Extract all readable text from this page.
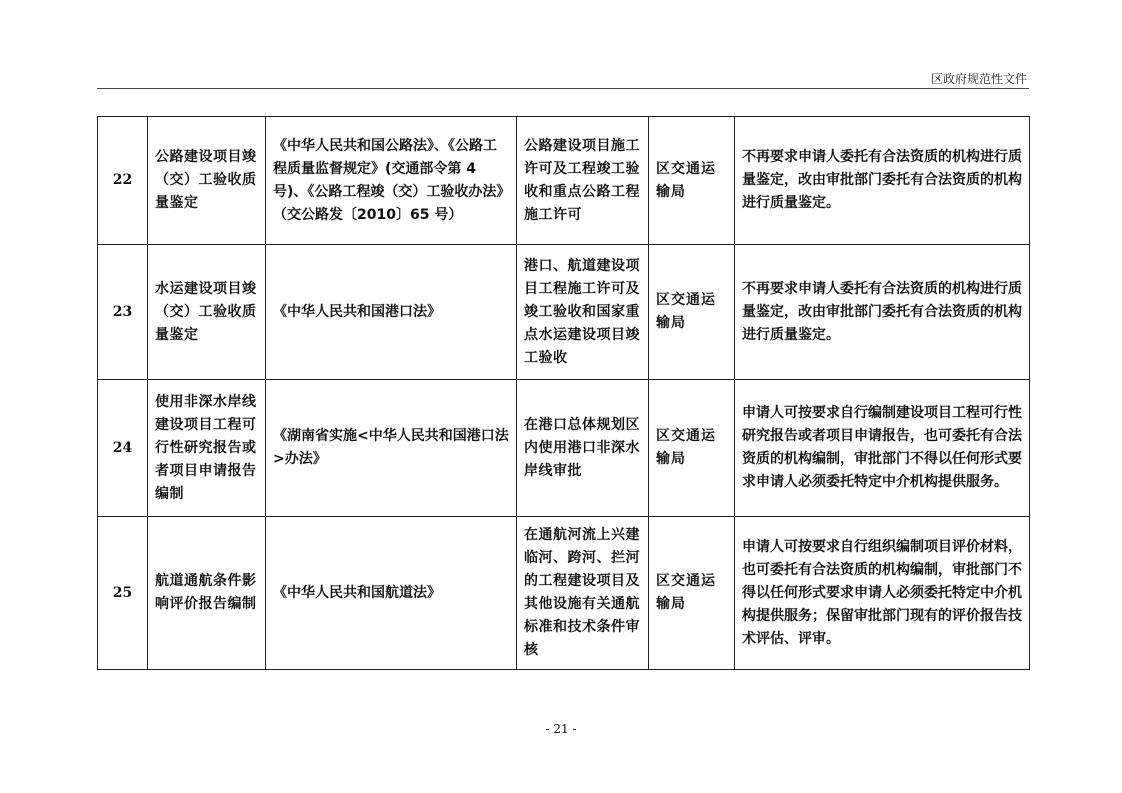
区政府规范性文件
22	公路建设项目竣（交）工验收质量鉴定	《中华人民共和国公路法》、《公路工程质量监督规定》(交通部令第 4 号)、《公路工程竣（交）工验收办法》（交公路发〔2010〕65 号）	公路建设项目施工许可及工程竣工验收和重点公路工程施工许可	区交通运输局	不再要求申请人委托有合法资质的机构进行质量鉴定，改由审批部门委托有合法资质的机构进行质量鉴定。
23	水运建设项目竣（交）工验收质量鉴定	《中华人民共和国港口法》	港口、航道建设项目工程施工许可及竣工验收和国家重点水运建设项目竣工验收	区交通运输局	不再要求申请人委托有合法资质的机构进行质量鉴定，改由审批部门委托有合法资质的机构进行质量鉴定。
24	使用非深水岸线建设项目工程可行性研究报告或者项目申请报告编制	《湖南省实施<中华人民共和国港口法>办法》	在港口总体规划区内使用港口非深水岸线审批	区交通运输局	申请人可按要求自行编制建设项目工程可行性研究报告或者项目申请报告，也可委托有合法资质的机构编制，审批部门不得以任何形式要求申请人必须委托特定中介机构提供服务。
25	航道通航条件影响评价报告编制	《中华人民共和国航道法》	在通航河流上兴建临河、跨河、拦河的工程建设项目及其他设施有关通航标准和技术条件审核	区交通运输局	申请人可按要求自行组织编制项目评价材料，也可委托有合法资质的机构编制，审批部门不得以任何形式要求申请人必须委托特定中介机构提供服务；保留审批部门现有的评价报告技术评估、评审。
- 21 -
